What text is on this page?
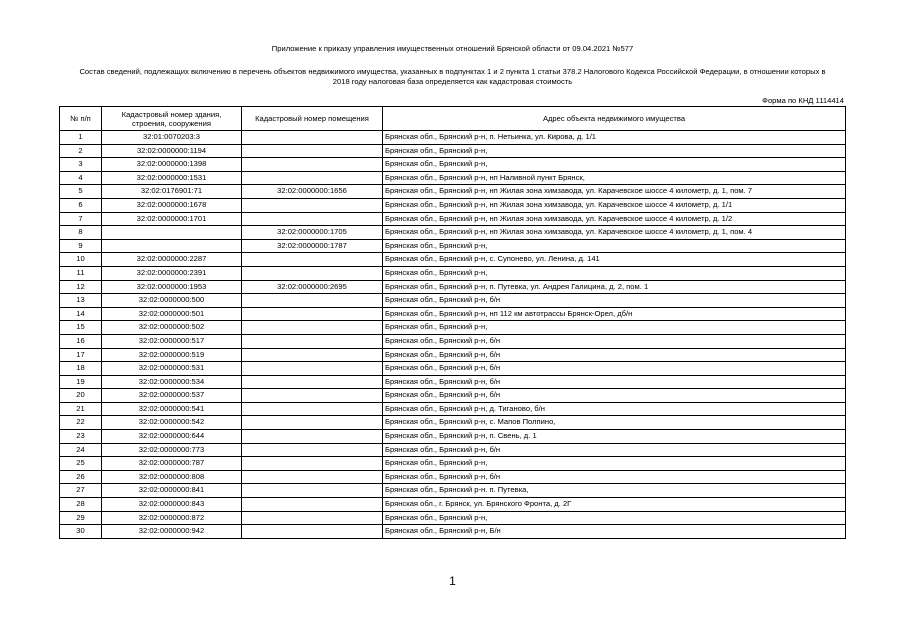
Приложение к приказу управления имущественных отношений Брянской области от 09.04.2021 №577
Состав сведений, подлежащих включению в перечень объектов недвижимого имущества, указанных в подпунктах 1 и 2 пункта 1 статьи 378.2 Налогового Кодекса Российской Федерации, в отношении которых в 2018 году налоговая база определяется как кадастровая стоимость
Форма по КНД 1114414
№ п/п	Кадастровый номер здания, строения, сооружения	Кадастровый номер помещения	Адрес объекта недвижимого имущества
1	32:01:0070203:3		Брянская обл., Брянский р-н, п. Нетьинка, ул. Кирова, д. 1/1
2	32:02:0000000:1194		Брянская обл., Брянский р-н,
3	32:02:0000000:1398		Брянская обл., Брянский р-н,
4	32:02:0000000:1531		Брянская обл., Брянский р-н, нп Наливной пункт Брянск,
5	32:02:0176901:71	32:02:0000000:1656	Брянская обл., Брянский р-н, нп Жилая зона химзавода, ул. Карачевское шоссе 4 километр, д. 1, пом. 7
6	32:02:0000000:1678		Брянская обл., Брянский р-н, нп Жилая зона химзавода, ул. Карачевское шоссе 4 километр, д. 1/1
7	32:02:0000000:1701		Брянская обл., Брянский р-н, нп Жилая зона химзавода, ул. Карачевское шоссе 4 километр, д. 1/2
8		32:02:0000000:1705	Брянская обл., Брянский р-н, нп Жилая зона химзавода, ул. Карачевское шоссе 4 километр, д. 1, пом. 4
9		32:02:0000000:1787	Брянская обл., Брянский р-н,
10	32:02:0000000:2287		Брянская обл., Брянский р-н, с. Супонево, ул. Ленина, д. 141
11	32:02:0000000:2391		Брянская обл., Брянский р-н,
12	32:02:0000000:1953	32:02:0000000:2695	Брянская обл., Брянский р-н, п. Путевка, ул. Андрея Галицина, д. 2, пом. 1
13	32:02:0000000:500		Брянская обл., Брянский р-н, б/н
14	32:02:0000000:501		Брянская обл., Брянский р-н, нп 112 км автотрассы Брянск-Орел, дб/н
15	32:02:0000000:502		Брянская обл., Брянский р-н,
16	32:02:0000000:517		Брянская обл., Брянский р-н, б/н
17	32:02:0000000:519		Брянская обл., Брянский р-н, б/н
18	32:02:0000000:531		Брянская обл., Брянский р-н, б/н
19	32:02:0000000:534		Брянская обл., Брянский р-н, б/н
20	32:02:0000000:537		Брянская обл., Брянский р-н, б/н
21	32:02:0000000:541		Брянская обл., Брянский р-н, д. Тиганово, б/н
22	32:02:0000000:542		Брянская обл., Брянский р-н, с. Мапов Полпино,
23	32:02:0000000:644		Брянская обл., Брянский р-н, п. Свень, д. 1
24	32:02:0000000:773		Брянская обл., Брянский р-н, б/н
25	32:02:0000000:787		Брянская обл., Брянский р-н,
26	32:02:0000000:808		Брянская обл., Брянский р-н, б/н
27	32:02:0000000:841		Брянская обл., Брянский р-н. п. Путевка,
28	32:02:0000000:843		Брянская обл., г. Брянск, ул. Брянского Фронта, д. 2Г
29	32:02:0000000:872		Брянская обл., Брянский р-н,
30	32:02:0000000:942		Брянская обл., Брянский р-н, Б/н
1
